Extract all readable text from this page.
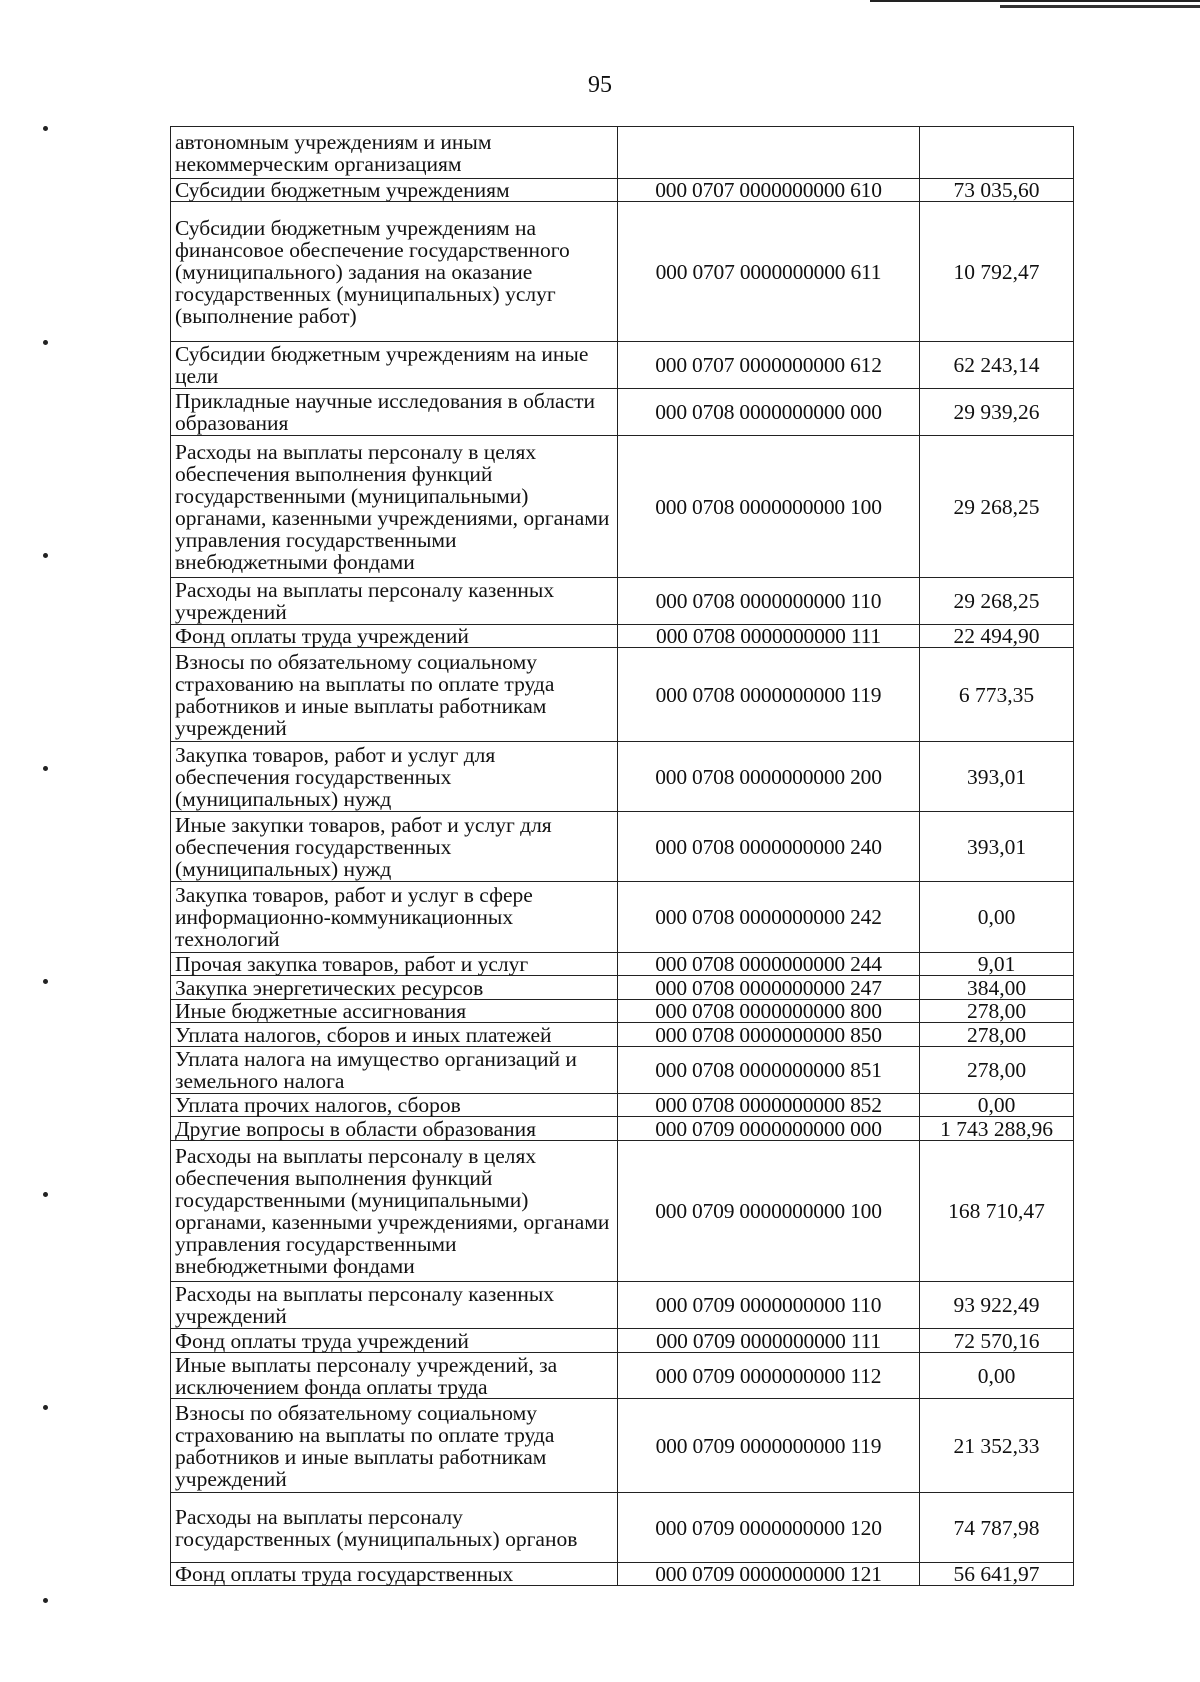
95
автономным учреждениям и иным некоммерческим организациям		
Субсидии бюджетным учреждениям	000 0707 0000000000 610	73 035,60
Субсидии бюджетным учреждениям на финансовое обеспечение государственного (муниципального) задания на оказание государственных (муниципальных) услуг (выполнение работ)	000 0707 0000000000 611	10 792,47
Субсидии бюджетным учреждениям на иные цели	000 0707 0000000000 612	62 243,14
Прикладные научные исследования в области образования	000 0708 0000000000 000	29 939,26
Расходы на выплаты персоналу в целях обеспечения выполнения функций государственными (муниципальными) органами, казенными учреждениями, органами управления государственными внебюджетными фондами	000 0708 0000000000 100	29 268,25
Расходы на выплаты персоналу казенных учреждений	000 0708 0000000000 110	29 268,25
Фонд оплаты труда учреждений	000 0708 0000000000 111	22 494,90
Взносы по обязательному социальному страхованию на выплаты по оплате труда работников и иные выплаты работникам учреждений	000 0708 0000000000 119	6 773,35
Закупка товаров, работ и услуг для обеспечения государственных (муниципальных) нужд	000 0708 0000000000 200	393,01
Иные закупки товаров, работ и услуг для обеспечения государственных (муниципальных) нужд	000 0708 0000000000 240	393,01
Закупка товаров, работ и услуг в сфере информационно-коммуникационных технологий	000 0708 0000000000 242	0,00
Прочая закупка товаров, работ и услуг	000 0708 0000000000 244	9,01
Закупка энергетических ресурсов	000 0708 0000000000 247	384,00
Иные бюджетные ассигнования	000 0708 0000000000 800	278,00
Уплата налогов, сборов и иных платежей	000 0708 0000000000 850	278,00
Уплата налога на имущество организаций и земельного налога	000 0708 0000000000 851	278,00
Уплата прочих налогов, сборов	000 0708 0000000000 852	0,00
Другие вопросы в области образования	000 0709 0000000000 000	1 743 288,96
Расходы на выплаты персоналу в целях обеспечения выполнения функций государственными (муниципальными) органами, казенными учреждениями, органами управления государственными внебюджетными фондами	000 0709 0000000000 100	168 710,47
Расходы на выплаты персоналу казенных учреждений	000 0709 0000000000 110	93 922,49
Фонд оплаты труда учреждений	000 0709 0000000000 111	72 570,16
Иные выплаты персоналу учреждений, за исключением фонда оплаты труда	000 0709 0000000000 112	0,00
Взносы по обязательному социальному страхованию на выплаты по оплате труда работников и иные выплаты работникам учреждений	000 0709 0000000000 119	21 352,33
Расходы на выплаты персоналу государственных (муниципальных) органов	000 0709 0000000000 120	74 787,98
Фонд оплаты труда государственных	000 0709 0000000000 121	56 641,97
